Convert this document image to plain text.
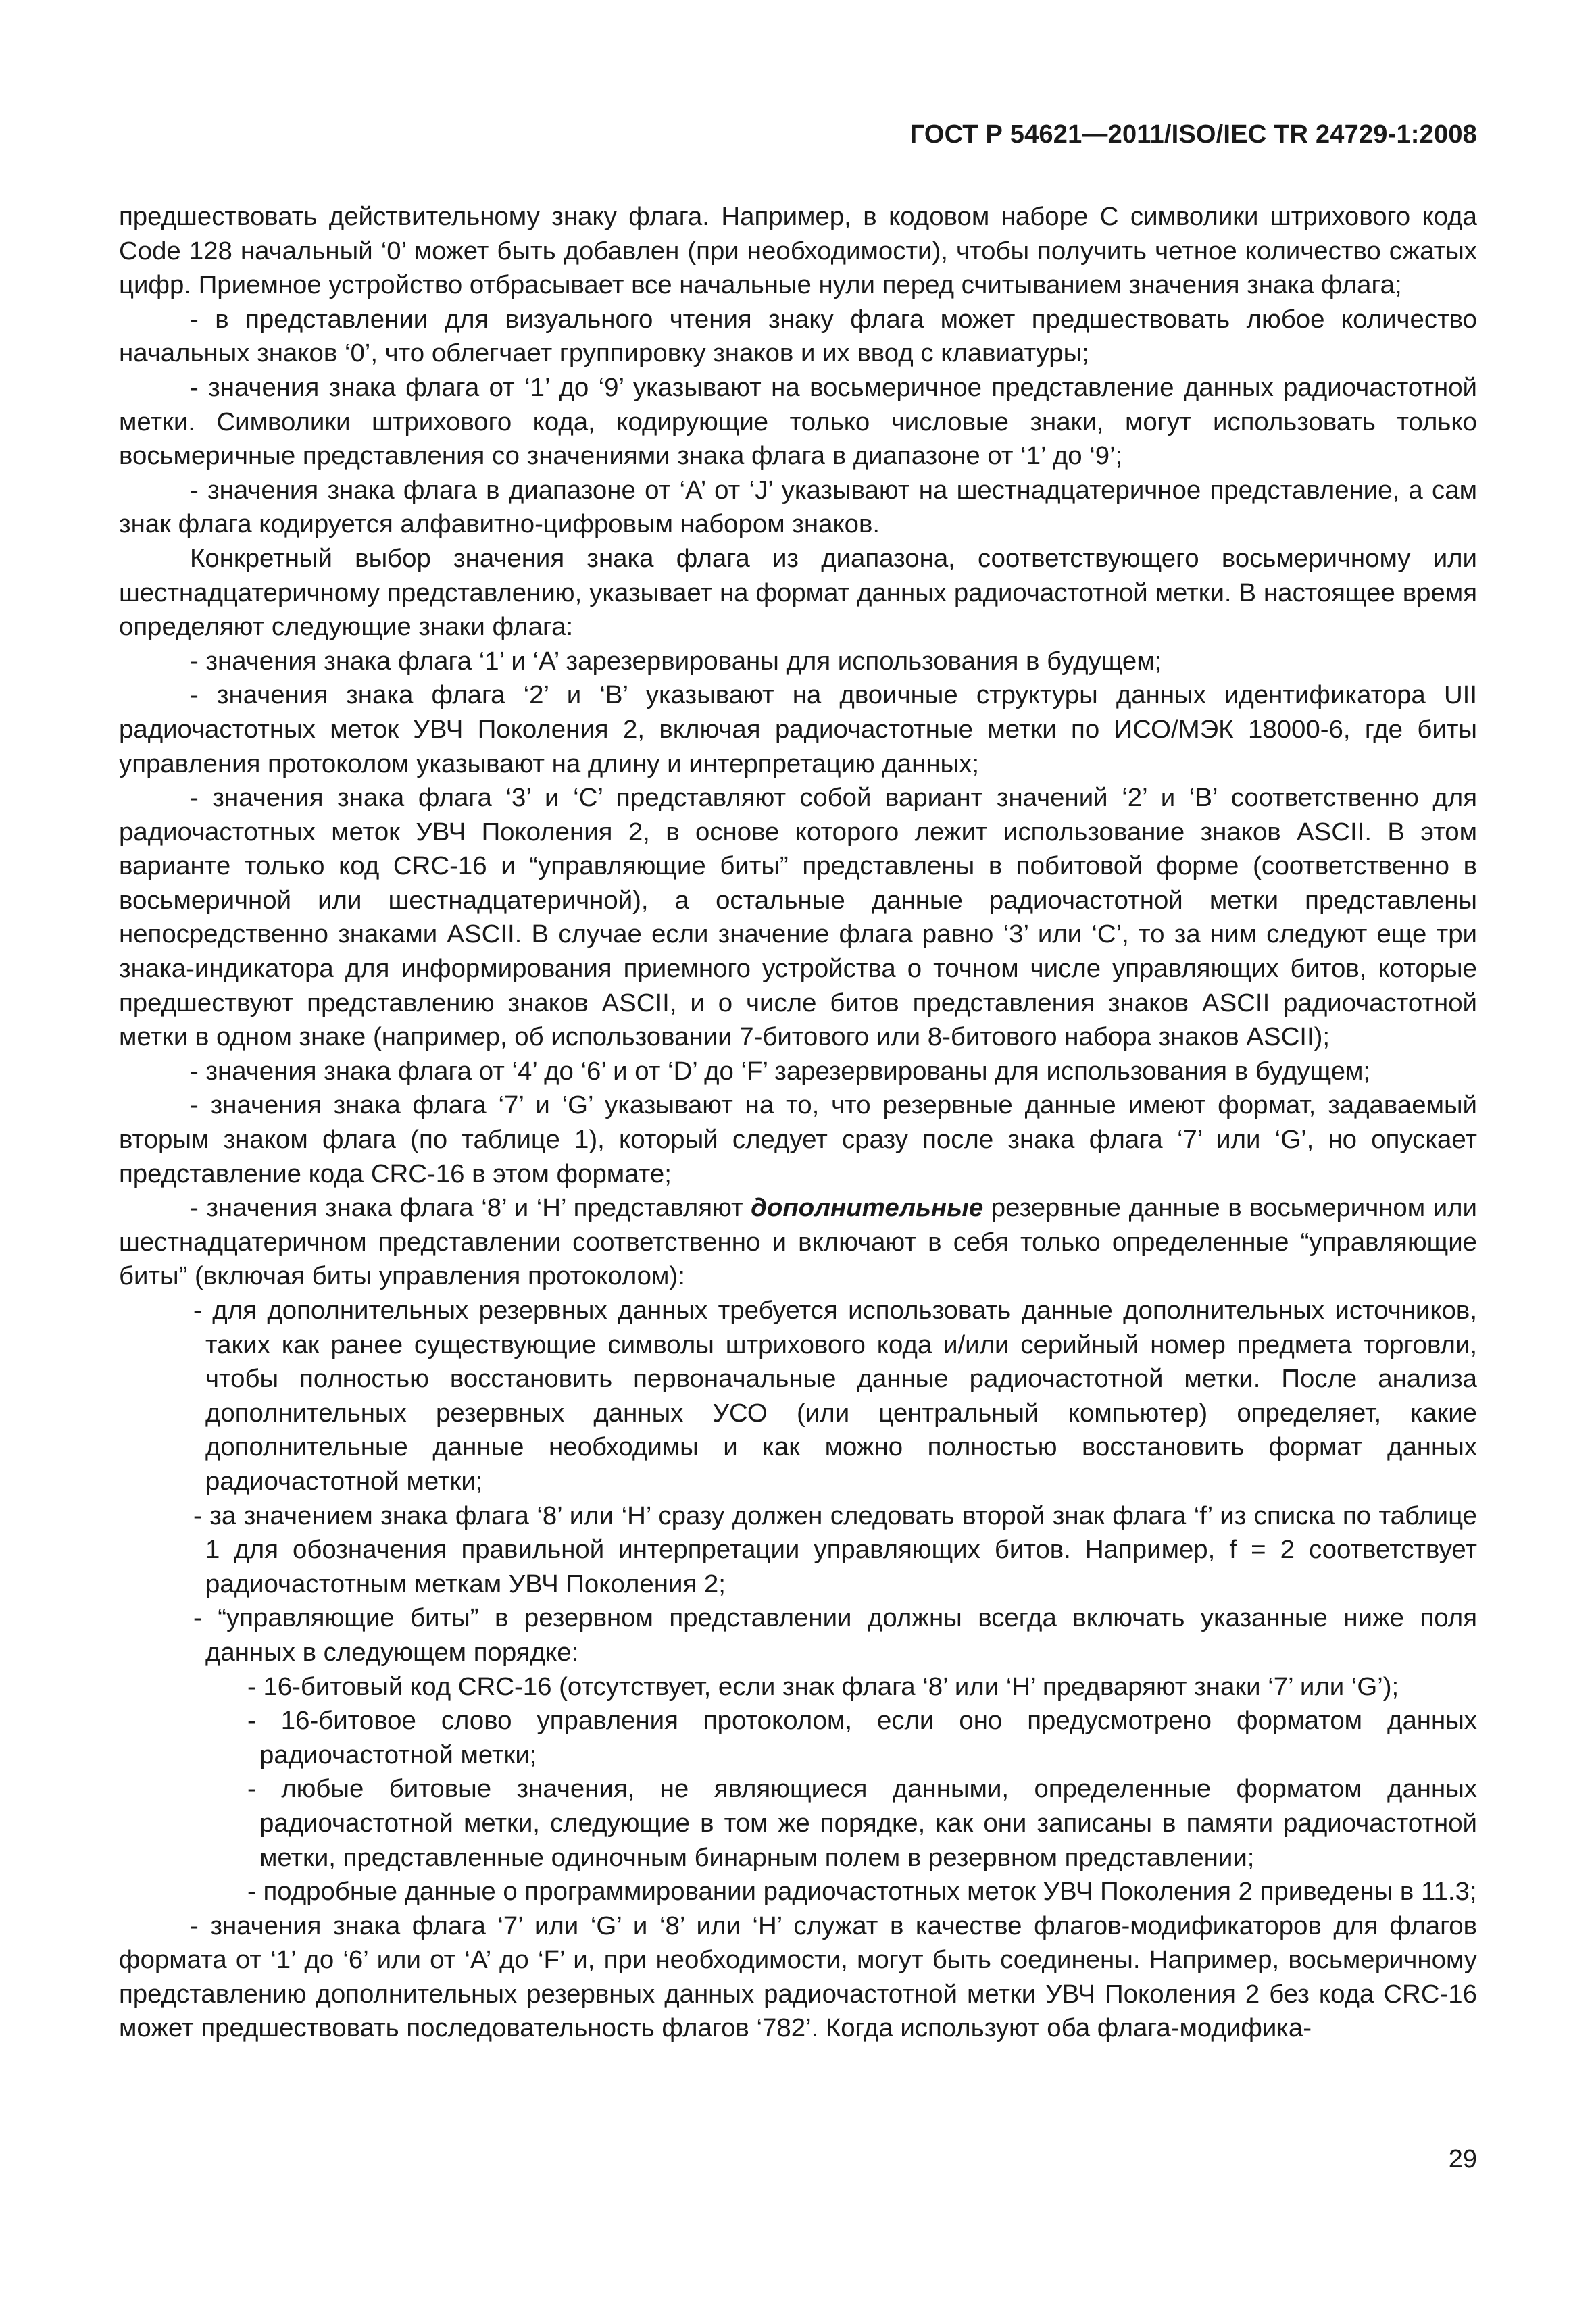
ГОСТ Р 54621—2011/ISO/IEC TR 24729-1:2008

предшествовать действительному знаку флага. Например, в кодовом наборе С символики штрихового кода Code 128 начальный ‘0’ может быть добавлен (при необходимости), чтобы получить четное количество сжатых цифр. Приемное устройство отбрасывает все начальные нули перед считыванием значения знака флага;

- в представлении для визуального чтения знаку флага может предшествовать любое количество начальных знаков ‘0’, что облегчает группировку знаков и их ввод с клавиатуры;

- значения знака флага от ‘1’ до ‘9’ указывают на восьмеричное представление данных радиочастотной метки. Символики штрихового кода, кодирующие только числовые знаки, могут использовать только восьмеричные представления со значениями знака флага в диапазоне от ‘1’ до ‘9’;

- значения знака флага в диапазоне от ‘A’ от ‘J’ указывают на шестнадцатеричное представление, а сам знак флага кодируется алфавитно-цифровым набором знаков.

Конкретный выбор значения знака флага из диапазона, соответствующего восьмеричному или шестнадцатеричному представлению, указывает на формат данных радиочастотной метки. В настоящее время определяют следующие знаки флага:

- значения знака флага ‘1’ и ‘A’ зарезервированы для использования в будущем;

- значения знака флага ‘2’ и ‘B’ указывают на двоичные структуры данных идентификатора UII радиочастотных меток УВЧ Поколения 2, включая радиочастотные метки по ИСО/МЭК 18000-6, где биты управления протоколом указывают на длину и интерпретацию данных;

- значения знака флага ‘3’ и ‘C’ представляют собой вариант значений ‘2’ и ‘B’ соответственно для радиочастотных меток УВЧ Поколения 2, в основе которого лежит использование знаков ASCII. В этом варианте только код CRC-16 и “управляющие биты” представлены в побитовой форме (соответственно в восьмеричной или шестнадцатеричной), а остальные данные радиочастотной метки представлены непосредственно знаками ASCII. В случае если значение флага равно ‘3’ или ‘C’, то за ним следуют еще три знака-индикатора для информирования приемного устройства о точном числе управляющих битов, которые предшествуют представлению знаков ASCII, и о числе битов представления знаков ASCII радиочастотной метки в одном знаке (например, об использовании 7-битового или 8-битового набора знаков ASCII);

- значения знака флага от ‘4’ до ‘6’ и от ‘D’ до ‘F’ зарезервированы для использования в будущем;

- значения знака флага ‘7’ и ‘G’ указывают на то, что резервные данные имеют формат, задаваемый вторым знаком флага (по таблице 1), который следует сразу после знака флага ‘7’ или ‘G’, но опускает представление кода CRC-16 в этом формате;

- значения знака флага ‘8’ и ‘H’ представляют дополнительные резервные данные в восьмеричном или шестнадцатеричном представлении соответственно и включают в себя только определенные “управляющие биты” (включая биты управления протоколом):

- для дополнительных резервных данных требуется использовать данные дополнительных источников, таких как ранее существующие символы штрихового кода и/или серийный номер предмета торговли, чтобы полностью восстановить первоначальные данные радиочастотной метки. После анализа дополнительных резервных данных УСО (или центральный компьютер) определяет, какие дополнительные данные необходимы и как можно полностью восстановить формат данных радиочастотной метки;

- за значением знака флага ‘8’ или ‘H’ сразу должен следовать второй знак флага ‘f’ из списка по таблице 1 для обозначения правильной интерпретации управляющих битов. Например, f = 2 соответствует радиочастотным меткам УВЧ Поколения 2;

- “управляющие биты” в резервном представлении должны всегда включать указанные ниже поля данных в следующем порядке:

- 16-битовый код CRC-16 (отсутствует, если знак флага ‘8’ или ‘H’ предваряют знаки ‘7’ или ‘G’);

- 16-битовое слово управления протоколом, если оно предусмотрено форматом данных радиочастотной метки;

- любые битовые значения, не являющиеся данными, определенные форматом данных радиочастотной метки, следующие в том же порядке, как они записаны в памяти радиочастотной метки, представленные одиночным бинарным полем в резервном представлении;

- подробные данные о программировании радиочастотных меток УВЧ Поколения 2 приведены в 11.3;

- значения знака флага ‘7’ или ‘G’ и ‘8’ или ‘H’ служат в качестве флагов-модификаторов для флагов формата от ‘1’ до ‘6’ или от ‘A’ до ‘F’ и, при необходимости, могут быть соединены. Например, восьмеричному представлению дополнительных резервных данных радиочастотной метки УВЧ Поколения 2 без кода CRC-16 может предшествовать последовательность флагов ‘782’. Когда используют оба флага-модифика-

29
